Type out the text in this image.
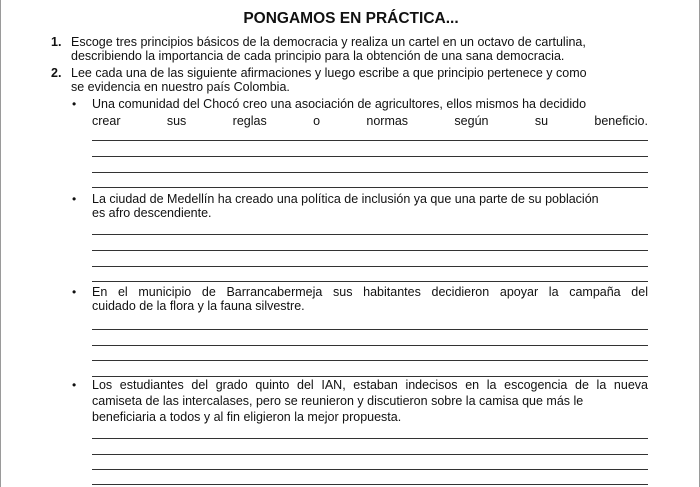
PONGAMOS EN PRÁCTICA...
1. Escoge tres principios básicos de la democracia y realiza un cartel en un octavo de cartulina,
describiendo la importancia de cada principio para la obtención de una sana democracia.
2. Lee cada una de las siguiente afirmaciones y luego escribe a que principio pertenece y como
se evidencia en nuestro país Colombia.
• Una comunidad del Chocó creo una asociación de agricultores, ellos mismos ha decidido
crear	sus	reglas	o	normas	según	su	beneficio.
• La ciudad de Medellín ha creado una política de inclusión ya que una parte de su población
es afro descendiente.
• En el municipio de Barrancabermeja sus habitantes decidieron apoyar la campaña del
cuidado de la flora y la fauna silvestre.
• Los estudiantes del grado quinto del IAN, estaban indecisos en la escogencia de la nueva
camiseta de las intercalases, pero se reunieron y discutieron sobre la camisa que más le
beneficiaria a todos y al fin eligieron la mejor propuesta.
